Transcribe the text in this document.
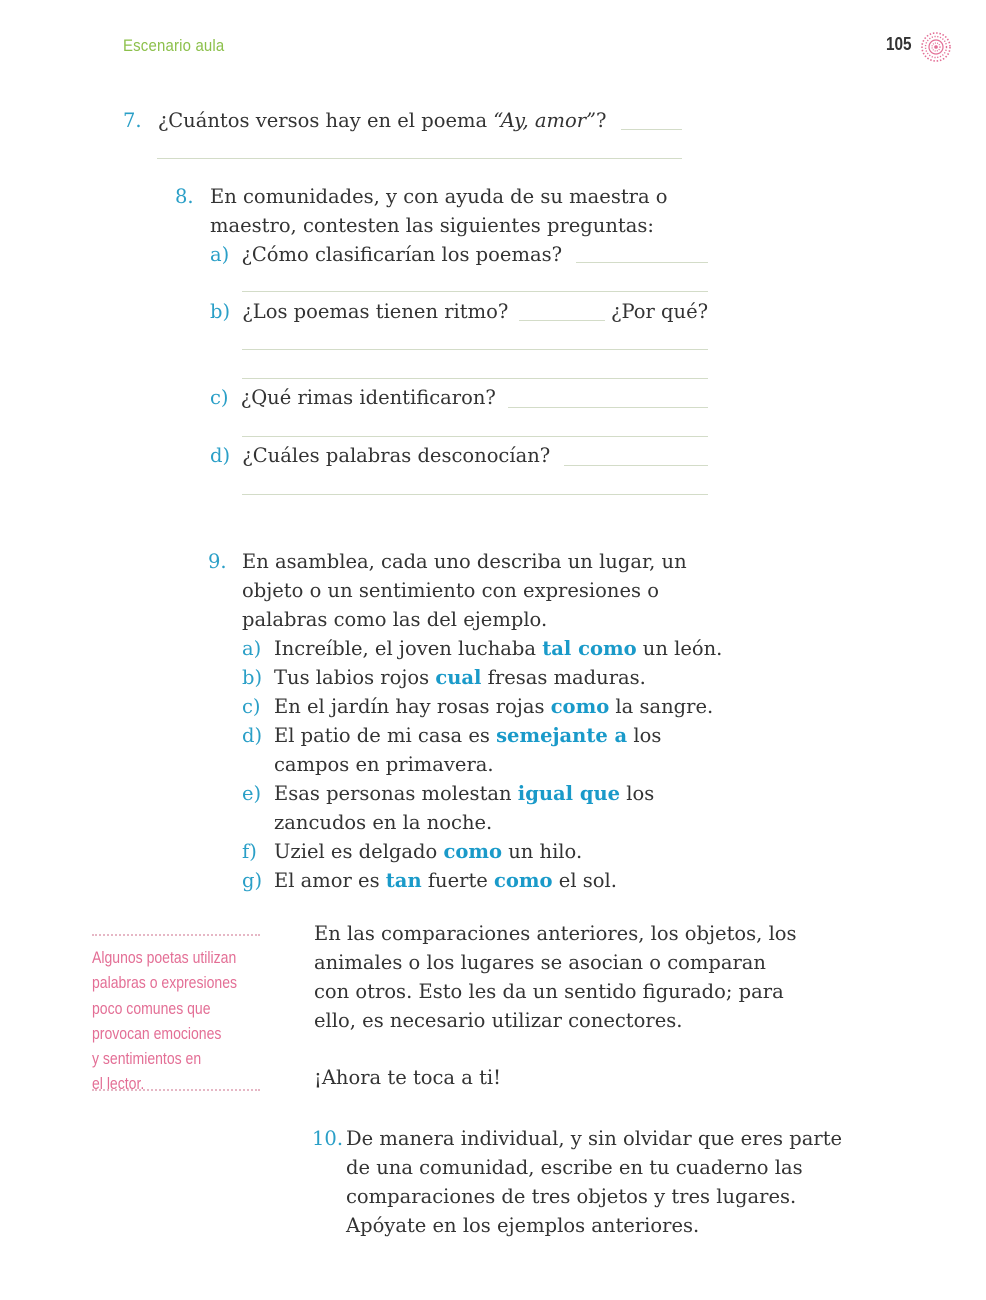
Escenario aula	105
7. ¿Cuántos versos hay en el poema “Ay, amor”?
8. En comunidades, y con ayuda de su maestra o
maestro, contesten las siguientes preguntas:
a) ¿Cómo clasificarían los poemas?
b) ¿Los poemas tienen ritmo?	¿Por qué?
c) ¿Qué rimas identificaron?
d) ¿Cuáles palabras desconocían?
9. En asamblea, cada uno describa un lugar, un
objeto o un sentimiento con expresiones o
palabras como las del ejemplo.
a) Increíble, el joven luchaba tal como un león.
b) Tus labios rojos cual fresas maduras.
c) En el jardín hay rosas rojas como la sangre.
d) El patio de mi casa es semejante a los
campos en primavera.
e) Esas personas molestan igual que los
zancudos en la noche.
f) Uziel es delgado como un hilo.
g) El amor es tan fuerte como el sol.
Algunos poetas utilizan
palabras o expresiones
poco comunes que
provocan emociones
y sentimientos en
el lector.
En las comparaciones anteriores, los objetos, los
animales o los lugares se asocian o comparan
con otros. Esto les da un sentido figurado; para
ello, es necesario utilizar conectores.
¡Ahora te toca a ti!
10. De manera individual, y sin olvidar que eres parte
de una comunidad, escribe en tu cuaderno las
comparaciones de tres objetos y tres lugares.
Apóyate en los ejemplos anteriores.
